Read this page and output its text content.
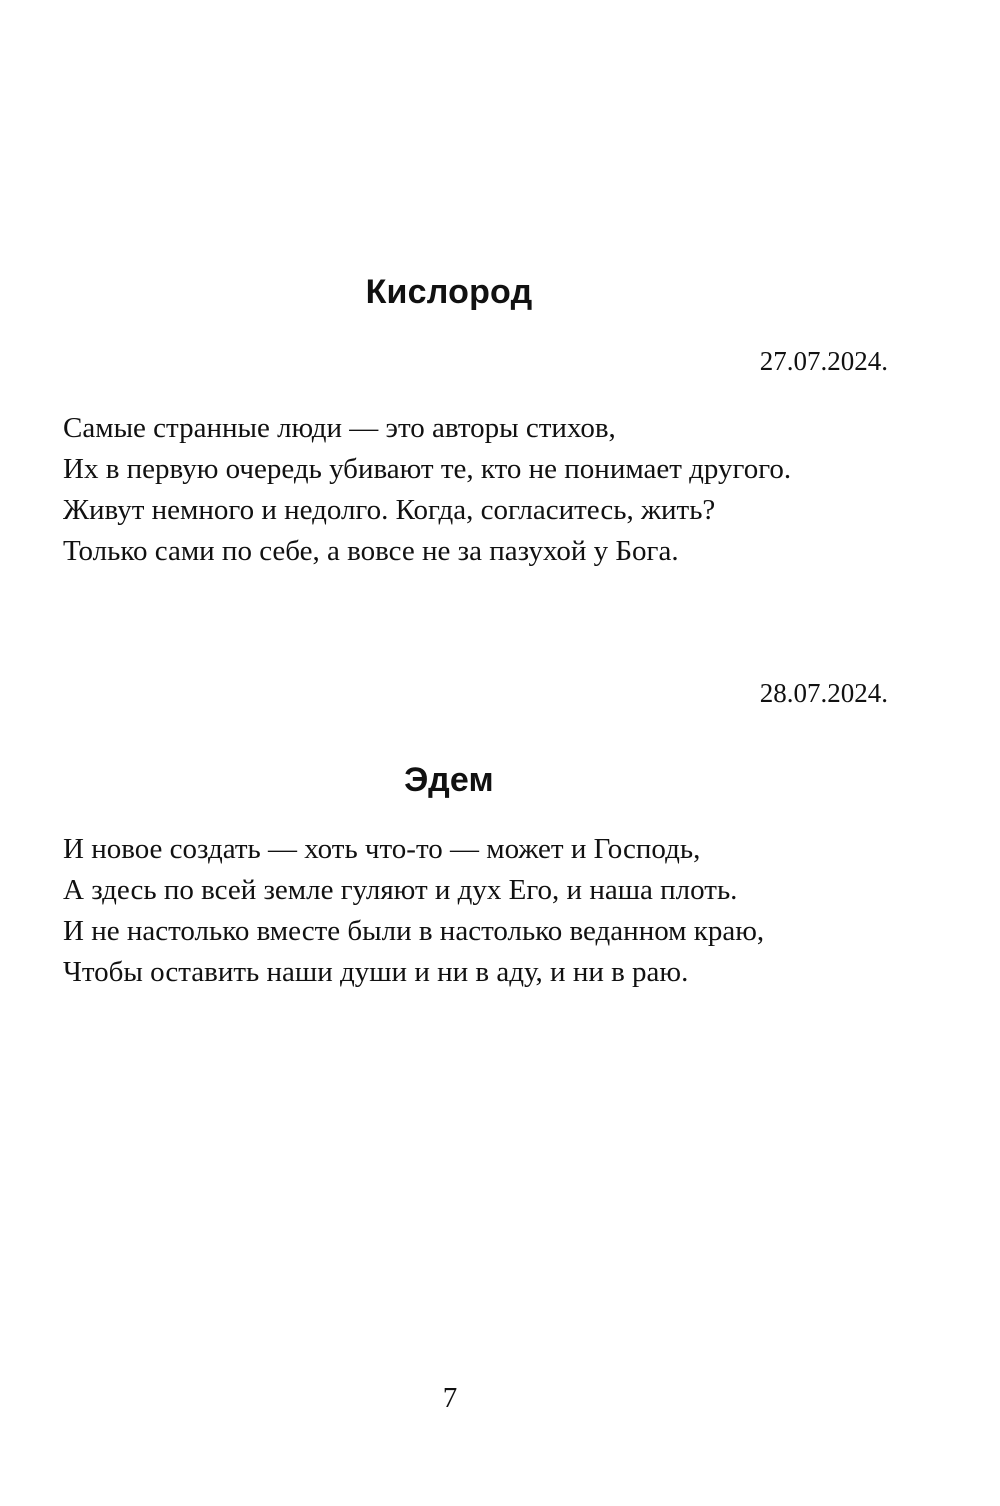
Кислород

27.07.2024.

Самые странные люди — это авторы стихов,
Их в первую очередь убивают те, кто не понимает другого.
Живут немного и недолго. Когда, согласитесь, жить?
Только сами по себе, а вовсе не за пазухой у Бога.

28.07.2024.

Эдем
И новое создать — хоть что-то — может и Господь,
А здесь по всей земле гуляют и дух Его, и наша плоть.
И не настолько вместе были в настолько веданном краю,
Чтобы оставить наши души и ни в аду, и ни в раю.

7
